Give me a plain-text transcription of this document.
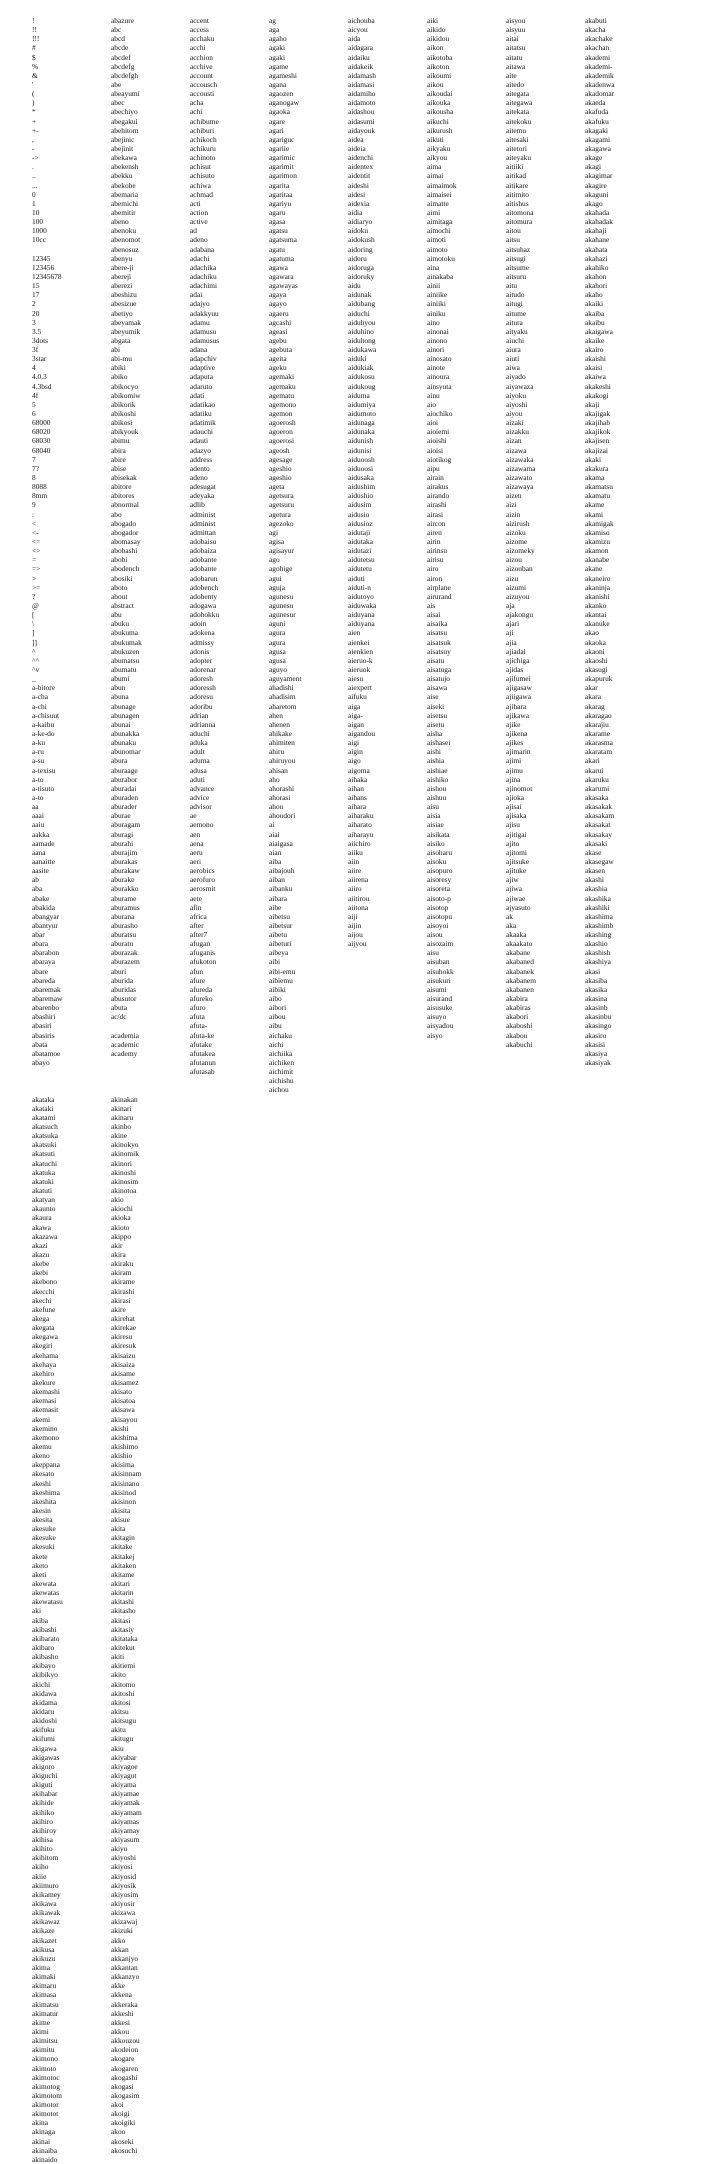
!
!!
!!!
#
$
%
&
'
(
)
*
+
+-
,
-
->
.
..
...
0
1
10
100
1000
10cc
12345
123456
12345678
15
17
2
20
3
3.5
3dots
3f
3star
4
4.0.3
4.3bsd
4f
5
6
68000
68020
68030
68040
7
7?
8
8088
8mm
9
:
<
<-
<=
<>
=
=>
>
>=
?
@
[
\
]
]]
^
^^
^v
_
a-bitore
a-cha
a-chi
a-chisuut
a-kaibu
a-ke-do
a-ku
a-ru
a-su
a-texisu
a-to
a-tisuto
a-to
aa
aaai
aaiu
aakka
aamade
aana
aanaitte
aasite
ab
aba
abake
abakida
abangyar
abantyur
abar
abara
abarabon
abaraya
abare
abareda
abaremak
abaremaw
abarenbo
abashiri
abasiri
abasiris
abata
abatamoe
abayo
abazure
abc
abcd
abcde
abcdef
abcdefg
abcdefgh
abe
abeayumi
abec
abechiyo
abegakui
abehitom
abejinic
abejinit
abekawa
abekensh
abekku
abekobe
abemaria
abemichi
abemitir
abeno
abenoku
abenomot
abenosuz
abenyu
abere-ji
aberejì
aberezi
abeshizu
abesizue
abetiyo
abeyamak
abeyumik
abgata
abi
abi-mu
abiki
abiko
abikocyo
abikomiw
abikorik
abikoshi
abikosi
abikyouk
abimu
abira
abire
abise
abisekak
abitore
abitores
abnormal
abo
abogado
abogador
abomasay
abobashi
abobi
abodench
abosiki
aboto
about
abstract
abu
abuku
abukuma
abukumak
abukuzen
abumatsu
abumatu
abumi
abun
abuna
abunage
abunagen
abunai
abunakka
abunaku
abunomar
abura
aburaage
aburabor
aburadai
aburaden
aburader
aburae
aburagam
aburagi
aburahi
aburajim
aburakas
aburakaw
aburake
aburakko
aburame
aburamus
aburana
aburasho
aburatsu
aburatu
aburazak
aburazem
aburi
aburida
aburidas
abusutor
abuta
ac/dc
academia
academic
academy
accent
access
acchaku
acchi
acchion
acchive
account
accousch
accousti
acha
achi
achibume
achiburi
achikoch
achikuru
achinoto
achisut
achisuto
achiwa
achmad
acti
action
active
ad
adeno
adabana
adachi
adachika
adachiku
adachimi
adai
adajyo
adakkyuu
adamu
adamusu
adamusus
adana
adapchiv
adaptive
adaputa
adaruto
adati
adatikao
adatiku
adatimik
adauchi
adauti
adazyo
address
adento
adeno
adesugat
adeyaka
adlib
administ
administ
admittan
adobaisu
adobaiza
adobante
adobante
adobarun
adobench
adobenty
adogawa
adohokku
adoin
adokena
admissy
adonis
adopter
adorenar
adoresh
adoressh
adoresu
adoribu
adrian
adrianna
aduchi
aduka
adult
aduma
adusa
aduti
advance
advice
advisor
ae
aemono
aen
aena
aeru
aeri
aerobics
aerofuro
aerosmit
aete
afin
africa
after
after7
afugan
afuganis
afukoton
afun
afure
afureda
afureko
afuro
afuta
afuta-
afuta-ke
afutake
afutakea
afutanun
afutasab
ag
aga
agaho
agaki
agaki
agame
agameshi
agana
agaozen
aganogaw
agaoka
agare
agari
agariguc
agariie
agarimic
agarimit
agarimon
agarita
agaritaa
agariyu
agaru
agasa
agatsu
agatsuma
agatu
agatuma
agawa
agawara
agawayas
agaya
agayo
agaeru
agcashi
ageasi
agebu
agebuta
ageita
ageku
agemaki
agemaku
agematu
agemono
agemon
agoerosh
agoeron
agoerosi
ageosh
agesage
ageshio
ageshio
ageta
agetsura
agetsuru
agetura
agezoko
agi
agisa
agisayur
ago
agohige
agui
aguja
agunesu
agunesu
agunesur
aguni
agura
agura
agusa
agusa
aguyo
aguyament
ahadishi
ahadisim
aharetom
ahen
ahenen
ahikake
ahimiten
ahiru
ahiruyou
ahisan
aho
ahorashi
ahorasi
ahou
ahoudori
ai
aiai
aiaigasa
aian
aiba
aibajouh
aiban
aibanku
aibara
aibe
aibetsu
aibetsur
aibetu
aibeturi
aibeya
aibi
aibi-emu
aibiemu
aibiki
aibo
aibori
aibou
aibu
aichaku
aichi
aichiika
aichiken
aichimit
aichishu
aichou
aichouba
aicyou
aida
aidagara
aidaiku
aidakeik
aidamash
aidamasi
aidamiho
aidamoto
aidashou
aidasumi
aidayouk
aidea
aideia
aidenchi
aidentex
aidentit
aideshi
aidesi
aidexia
aidia
aidiaryo
aidoku
aidokush
aidoring
aidoru
aidoruga
aidoruky
aidu
aidunak
aidubang
aiduchi
aiduhyou
aiduhino
aiduhong
aidukawa
aiduki
aidukiak
aidukosu
aidukoug
aiduma
aidumiya
aidumoto
aidunaga
aidunaka
aidunish
aidunisi
aiduoosh
aiduoosi
aidusaka
aidushim
aidushio
aidusim
aidusio
aidusioz
aidutaji
aidutaka
aidutazi
aidutetsu
aidutetu
aiduti
aiduti-n
aidutoyo
aiduwaka
aiduyana
aiduyana
aien
aienkei
aienkien
aieruo-k
aieruok
aiesu
aiexpert
aifuku
aiga
aiga-
aigan
aigandou
aigi
aigin
aigo
aigoma
aihaka
aihan
aihans
aihara
aiharaku
aiharato
aiharayu
aiichiro
aiiku
aiin
aiire
aiirena
aiiro
aiitirou
aiitona
aiji
aijin
aijou
aijyou
aiki
aikido
aikidou
aikon
aikotoba
aikoton
aikoumi
aikou
aikoudai
aikouka
aikousha
aikuchi
aikurush
aikuti
aikyaku
aikyou
aima
aimai
aimaimok
aimaisei
aimatte
aimi
aimitaga
aimochi
aimoti
aimoto
aimotoku
aina
ainakaba
ainii
ainiike
ainiiki
ainiku
aino
ainonai
ainono
ainori
ainosato
ainote
ainoura
ainsyuta
ainu
aio
aiochiko
aioi
aioiemi
aioishi
aioisi
aiotikog
aipu
airain
airakus
airando
airashi
airasi
aircon
airen
airin
airinsu
airisu
airo
airon
airplane
airurand
ais
aisai
aisaika
aisatsu
aisatsuk
aisatsuy
aisatu
aisatuga
aisatujo
aisawa
aise
aiseki
aisetsu
aisetu
aisha
aishasei
aishi
aishia
aishiae
aishiko
aishou
aishuu
aisu
aisia
aisiae
aisikata
aisiko
aisoharu
aisoku
aisopuro
aisoresy
aisoreta
aisoto-p
aisotop
aisotopu
aisoyoi
aisou
aisozaim
aisu
aisuban
aisuhokk
aisukuri
aisumi
aisurand
aisusuke
aisuyo
aisyadou
aisyo
aisyou
aisyuu
aitai
aitatsu
aitatu
aitawa
aite
aitedo
aitegata
aitegawa
aitekata
aitekoku
aitemu
aitesaki
aitetori
aiteyaku
aitiiki
aitikad
aitikare
aitimito
aitishus
aitomona
aitomura
aitou
aitsu
aitsuhaz
aitsugi
aitsume
aitsuru
aitu
aitudo
aitugi
aitume
aitura
aityaku
aiuchi
aiura
aiuti
aiwa
aiyado
aiyawaza
aiyoku
aiyoshi
aiyou
aizaki
aizakku
aizan
aizawa
aizawaka
aizawama
aizawato
aizawaya
aizen
aizi
aizin
aizirush
aizoku
aizome
aizomeky
aizou
aizouban
aizu
aizumi
aizuyou
aja
ajakongu
ajari
aji
ajia
ajiadai
ajichiga
ajidas
ajifumei
ajigasaw
ajiigawa
ajihara
ajikawa
ajike
ajikena
ajikes
ajimarin
ajimi
ajimu
ajina
ajinomot
ajioka
ajisai
ajisaka
ajisu
ajitigai
ajito
ajitomi
ajitsuke
ajituke
ajiw
ajiwa
ajiwae
ajyasuto
ak
aka
akaaka
akaakato
akabane
akabaned
akabanek
akabanem
akabanen
akabira
akabiras
akabori
akaboshi
akabou
akabuchi
akabuti
akacha
akachake
akachan
akademi
akademi-
akademik
akadenwa
akadomar
akaeda
akafuda
akafuku
akagaki
akagami
akagawa
akage
akagi
akagimar
akagire
akaguni
akago
akahada
akahadak
akahaji
akahane
akahata
akahazi
akahiko
akahon
akahori
akaho
akaiki
akaiba
akaibu
akaigawa
akaike
akairo
akaishi
akaisi
akaiwa
akakeshi
akakogi
akaji
akajigak
akajihab
akajikok
akajisen
akajizai
akaki
akakura
akama
akamatsu
akamatu
akame
akami
akamigak
akamiso
akamizu
akamon
akanabe
akane
akaneiro
akaninja
akanishi
akanko
akantai
akanuke
akao
akaoka
akaoni
akaoshi
akasugi
akapuruk
akar
akara
akarag
akaragao
akarajiu
akarame
akarasma
akaratam
akari
akarui
akaruku
akarumi
akasaka
akasakak
akasakam
akasakat
akasakay
akasaki
akase
akasegaw
akasen
akashi
akashia
akashika
akashiki
akashima
akashimb
akashing
akashio
akashish
akashiya
akasi
akasiba
akasika
akasina
akasinb
akasinbu
akasingo
akasiro
akasisi
akasiya
akasiyak
akataka
akataki
akatami
akatsuch
akatsuka
akatsuki
akatsuti
akatuchi
akatuka
akatuki
akatuti
akatyan
akaunto
akaura
akawa
akazawa
akazi
akazu
akebe
akebi
akebono
akecchi
akechi
akefune
akega
akegata
akegawa
akegiri
akehama
akehaya
akehiro
akekure
akemashi
akemasi
akemasit
akemi
akemino
akemono
akemu
akeno
akeppana
akesato
akeshi
akeshima
akeshita
akesin
akesita
akesuke
akesuke
akesuki
akete
aketo
aketi
akewata
akewatas
akewatasu
aki
akiba
akibashi
akibarato
akibaro
akibasho
akibayo
akibikyo
akichi
akidawa
akidama
akidaru
akidoshi
akifuku
akifumi
akigawa
akigawas
akigoro
akiguchi
akiguti
akihabar
akihide
akihiko
akihiro
akihiroy
akihisa
akihito
akihitom
akiho
akiie
akiimuro
akikamey
akikawa
akikawak
akikawaz
akikaze
akikazet
akikusa
akikuzu
akima
akimaki
akimaru
akimasa
akimatsu
akimatur
akime
akimi
akimitsu
akimitu
akimono
akimoto
akimotoc
akimotog
akimotom
akimotor
akimotot
akina
akinaga
akinai
akinaiba
akinaido
akinakan
akinari
akinaru
akinbo
akine
akinokyo
akinomik
akinori
akinoshi
akinosim
akinotoa
akio
akiochi
akioka
akioto
akippo
akir
akira
akiraku
akiram
akirame
akirashi
akirasi
akire
akirehat
akirekae
akiresu
akiresuk
akisaizu
akisaiza
akisame
akisamez
akisato
akisatoa
akisawa
akisayou
akishi
akishima
akishimo
akishio
akisima
akisinnam
akisinano
akisinod
akisinon
akisita
akisue
akita
akitagin
akitake
akitakej
akitaken
akitame
akitari
akitarin
akitashi
akitasho
akitasi
akitasiy
akitataka
akitekut
akiti
akitiemi
akito
akitomo
akitoshi
akitosi
akitsu
akitsugu
akitu
akitugu
akiu
akiyabar
akiyagoe
akiyagut
akiyama
akiyamae
akiyamak
akiyamam
akiyamas
akiyamay
akiyasum
akiyo
akiyoshi
akiyosi
akiyosid
akiyosik
akiyosim
akiyosir
akizawa
akizawaj
akizuki
akko
akkan
akkanjyo
akkantan
akkanzyo
akke
akkena
akkeraka
akkeshi
akkesi
akkou
akkouzou
akodeion
akogare
akogaren
akogashi
akogasi
akogasim
akoi
akoigi
akoigiki
akoo
akoseki
akosuchi
